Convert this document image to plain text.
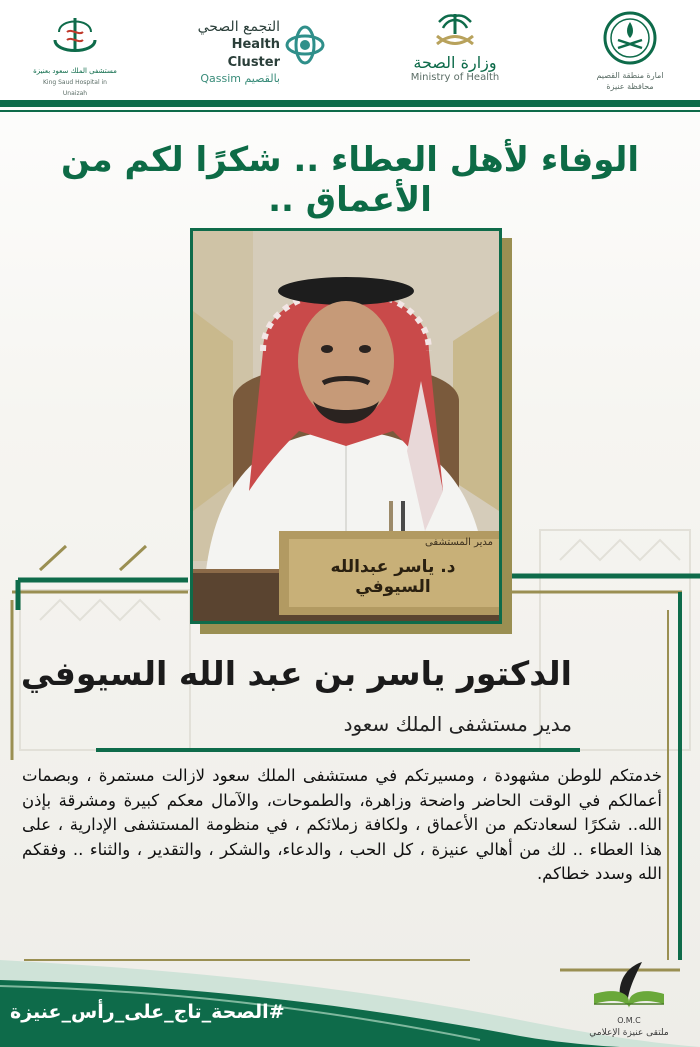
امارة منطقة القصيم
محافظة عنيزة
وزارة الصحة
Ministry of Health
التجمع الصحي
Health Cluster
Qassim بالقصيم
مستشفى الملك سعود بعنيزة
King Saud Hospital in Unaizah
الوفاء لأهل العطاء .. شكرًا لكم من الأعماق ..
مدير المستشفى
د. ياسر عبدالله السيوفي
الدكتور ياسر بن عبد الله السيوفي
مدير مستشفى الملك سعود
خدمتكم للوطن مشهودة ، ومسيرتكم في مستشفى الملك سعود لازالت مستمرة ، وبصمات أعمالكم في الوقت الحاضر واضحة وزاهرة، والطموحات، والآمال معكم كبيرة ومشرقة بإذن الله.. شكرًا لسعادتكم من الأعماق ، ولكافة زملائكم ، في منظومة المستشفى الإدارية ، على هذا العطاء .. لك من أهالي عنيزة ، كل الحب ، والدعاء، والشكر ، والتقدير ، والثناء .. وفقكم الله وسدد خطاكم.
#الصحة_تاج_على_رأس_عنيزة	O.M.C
ملتقى عنيزة الإعلامي
